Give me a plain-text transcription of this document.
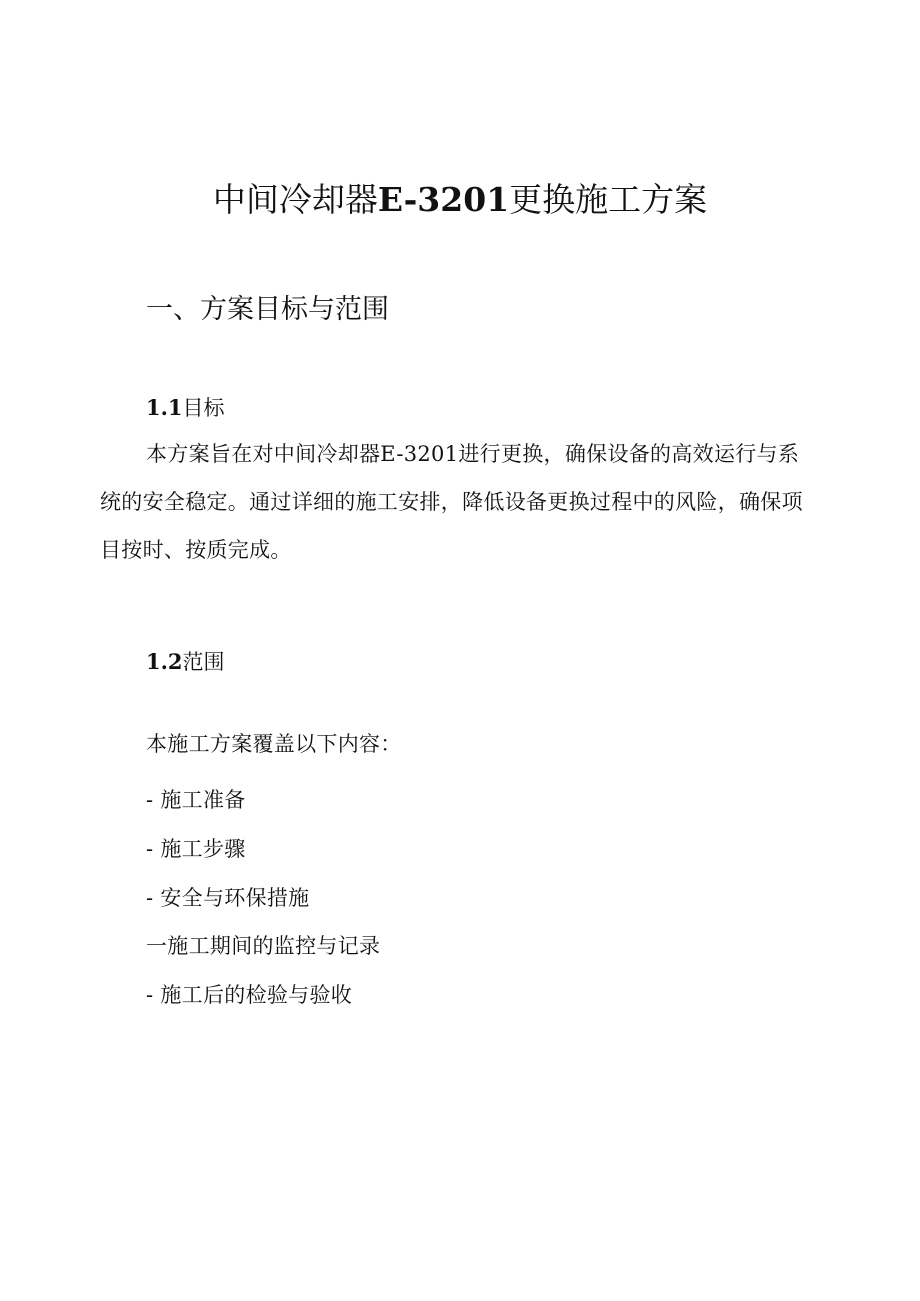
中间冷却器E-3201更换施工方案
一、方案目标与范围
1.1目标

本方案旨在对中间冷却器E-3201进行更换，确保设备的高效运行与系统的安全稳定。通过详细的施工安排，降低设备更换过程中的风险，确保项目按时、按质完成。

1.2范围

本施工方案覆盖以下内容：

- 施工准备
- 施工步骤
- 安全与环保措施
一施工期间的监控与记录
- 施工后的检验与验收
